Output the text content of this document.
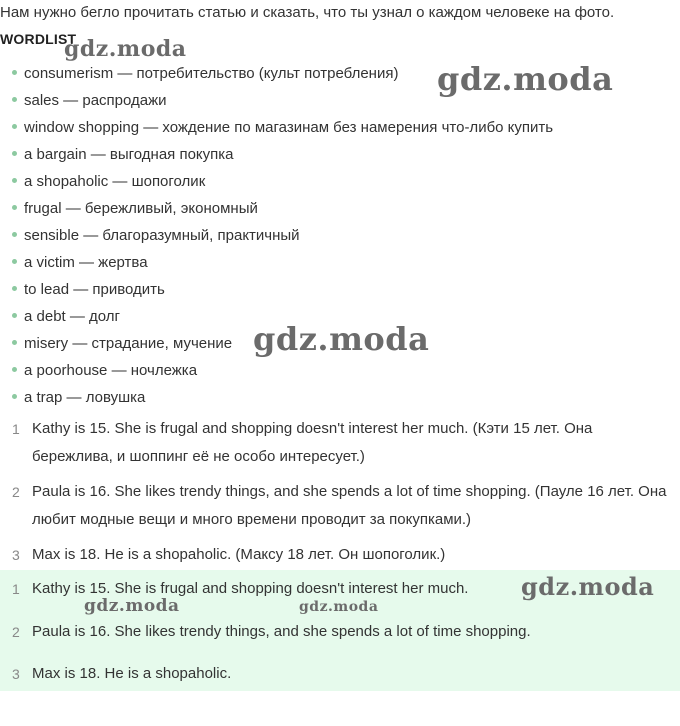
Нам нужно бегло прочитать статью и сказать, что ты узнал о каждом человеке на фото.
WORDLIST
consumerism — потребительство (культ потребления)
sales — распродажи
window shopping — хождение по магазинам без намерения что-либо купить
a bargain — выгодная покупка
a shopaholic — шопоголик
frugal — бережливый, экономный
sensible — благоразумный, практичный
a victim — жертва
to lead — приводить
a debt — долг
misery — страдание, мучение
a poorhouse — ночлежка
a trap — ловушка
1 Kathy is 15. She is frugal and shopping doesn't interest her much. (Кэти 15 лет. Она бережлива, и шоппинг её не особо интересует.)
2 Paula is 16. She likes trendy things, and she spends a lot of time shopping. (Пауле 16 лет. Она любит модные вещи и много времени проводит за покупками.)
3 Max is 18. He is a shopaholic. (Максу 18 лет. Он шопоголик.)
1 Kathy is 15. She is frugal and shopping doesn't interest her much.
2 Paula is 16. She likes trendy things, and she spends a lot of time shopping.
3 Max is 18. He is a shopaholic.
gdz.moda
gdz.moda
gdz.moda
gdz.moda
gdz.moda	gdz.moda
